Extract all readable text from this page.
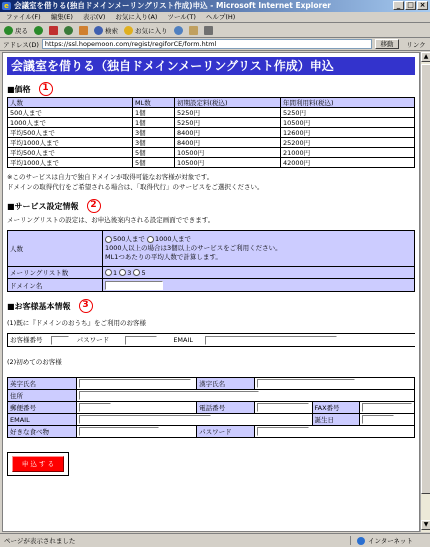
e 会議室を借りる(独自ドメインメーリングリスト作成)申込 - Microsoft Internet Explorer	_ □ ×
ファイル(F) 編集(E) 表示(V) お気に入り(A) ツール(T) ヘルプ(H)
戻る	検索	お気に入り
アドレス(D) https://ssl.hopemoon.com/regist/regiforCE/form.html	移動	リンク
会議室を借りる（独自ドメインメーリングリスト作成）申込
■価格	1
人数	ML数	初期設定料(税込)	年間利用料(税込)
500人まで	1個	5250円	5250円
1000人まで	1個	5250円	10500円
平均500人まで	3個	8400円	12600円
平均1000人まで	3個	8400円	25200円
平均500人まで	5個	10500円	21000円
平均1000人まで	5個	10500円	42000円
※このサービスは自力で独自ドメインが取得可能なお客様が対象です。
ドメインの取得代行をご希望される場合は、「取得代行」のサービスをご選択ください。
■サービス設定情報	2
メーリングリストの設定は、お申込後案内される設定画面でできます。
人数	500人まで 1000人まで
1000人以上の場合は3個以上のサービスをご利用ください。
ML1つあたりの平均人数で計算します。
メーリングリスト数	1 3 5
ドメイン名	
■お客様基本情報	3
(1)既に『ドメインのおうち』をご利用のお客様
お客様番号	パスワード	EMAIL
(2)初めてのお客様
英字氏名		漢字氏名			
住所					
郵便番号		電話番号		FAX番号	
EMAIL				誕生日	
好きな食べ物		パスワード			
申 込 す る
▲
▼
ページが表示されました	インターネット
